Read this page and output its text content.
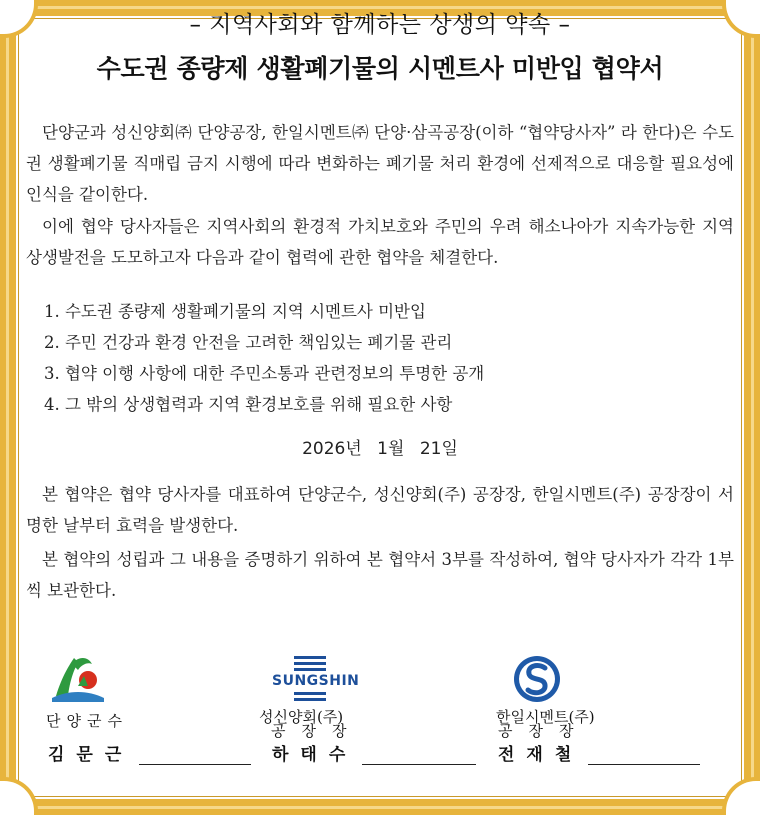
– 지역사회와 함께하는 상생의 약속 –
수도권 종량제 생활폐기물의 시멘트사 미반입 협약서
단양군과 성신양회㈜ 단양공장, 한일시멘트㈜ 단양·삼곡공장(이하 “협약당사자” 라 한다)은 수도권 생활폐기물 직매립 금지 시행에 따라 변화하는 폐기물 처리 환경에 선제적으로 대응할 필요성에 인식을 같이한다.
이에 협약 당사자들은 지역사회의 환경적 가치보호와 주민의 우려 해소나아가 지속가능한 지역 상생발전을 도모하고자 다음과 같이 협력에 관한 협약을 체결한다.
1. 수도권 종량제 생활폐기물의 지역 시멘트사 미반입
2. 주민 건강과 환경 안전을 고려한 책임있는 폐기물 관리
3. 협약 이행 사항에 대한 주민소통과 관련정보의 투명한 공개
4. 그 밖의 상생협력과 지역 환경보호를 위해 필요한 사항
2026년 1월 21일
본 협약은 협약 당사자를 대표하여 단양군수, 성신양회(주) 공장장, 한일시멘트(주) 공장장이 서명한 날부터 효력을 발생한다.
본 협약의 성립과 그 내용을 증명하기 위하여 본 협약서 3부를 작성하여, 협약 당사자가 각각 1부씩 보관한다.
단양군수
김문근
SUNGSHIN
성신양회(주)
공장장
하태수
한일시멘트(주)
공장장
전재철
